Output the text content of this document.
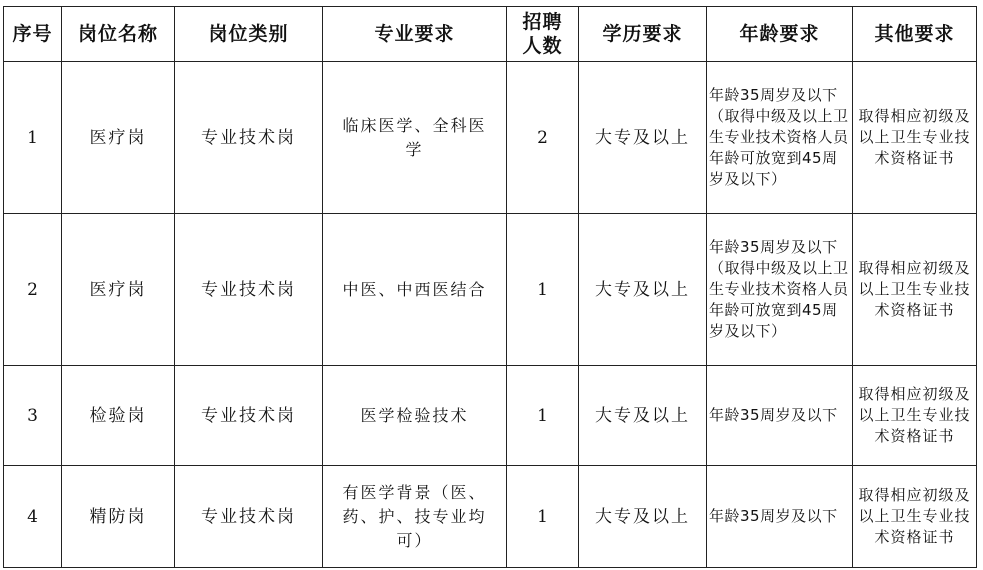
序号	岗位名称	岗位类别	专业要求	招聘人数	学历要求	年龄要求	其他要求
1	医疗岗	专业技术岗	临床医学、全科医学	2	大专及以上	年龄35周岁及以下（取得中级及以上卫生专业技术资格人员年龄可放宽到45周岁及以下）	取得相应初级及以上卫生专业技术资格证书
2	医疗岗	专业技术岗	中医、中西医结合	1	大专及以上	年龄35周岁及以下（取得中级及以上卫生专业技术资格人员年龄可放宽到45周岁及以下）	取得相应初级及以上卫生专业技术资格证书
3	检验岗	专业技术岗	医学检验技术	1	大专及以上	年龄35周岁及以下	取得相应初级及以上卫生专业技术资格证书
4	精防岗	专业技术岗	有医学背景（医、药、护、技专业均可）	1	大专及以上	年龄35周岁及以下	取得相应初级及以上卫生专业技术资格证书
